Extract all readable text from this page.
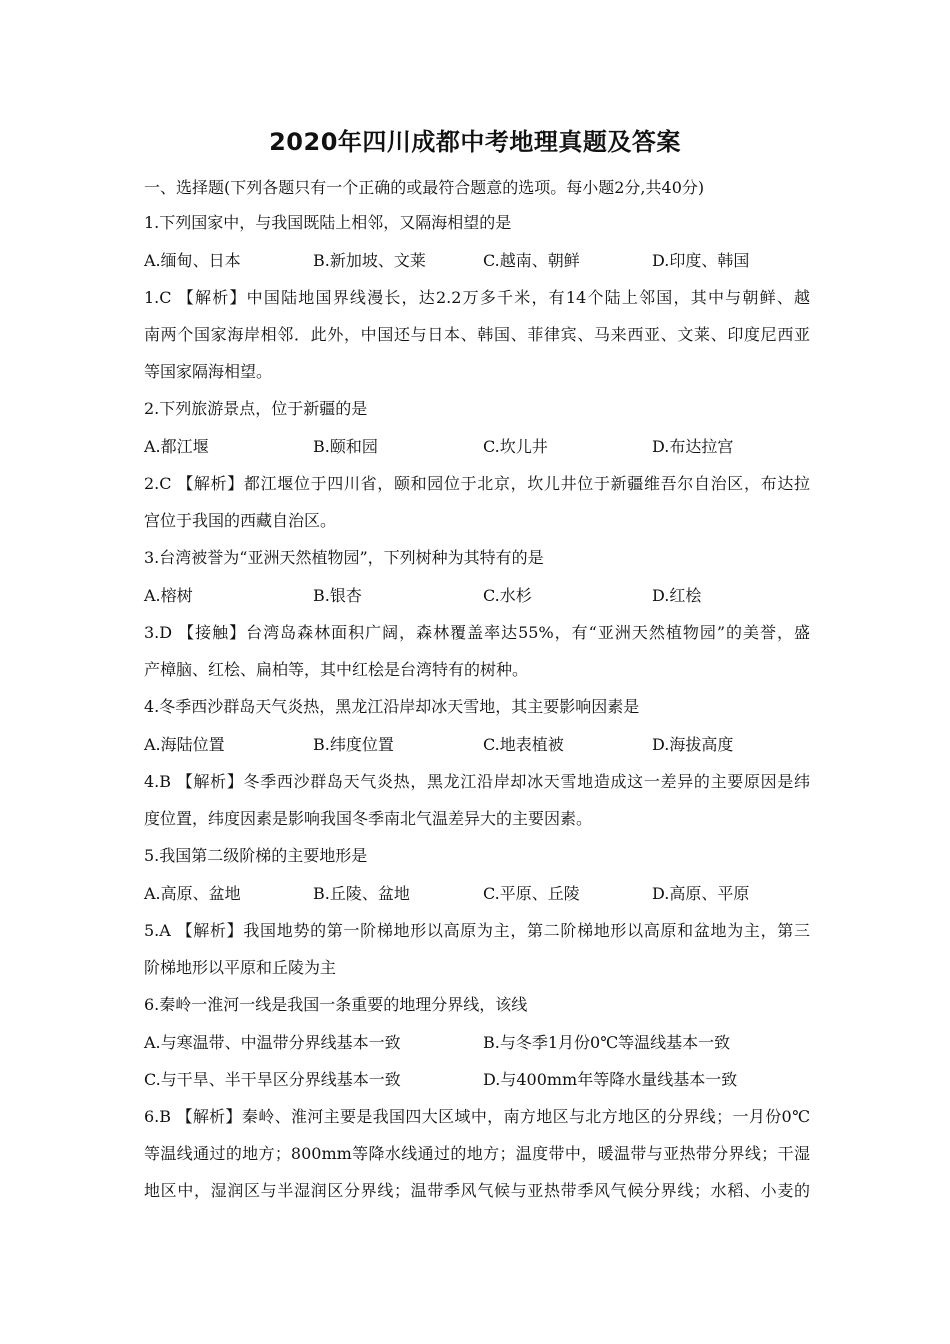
2020年四川成都中考地理真题及答案
一、选择题(下列各题只有一个正确的或最符合题意的选项。每小题2分,共40分)
1.下列国家中，与我国既陆上相邻，又隔海相望的是
A.缅甸、日本	B.新加坡、文莱	C.越南、朝鲜	D.印度、韩国
1.C 【解析】中国陆地国界线漫长，达2.2万多千米，有14个陆上邻国，其中与朝鲜、越
南两个国家海岸相邻．此外，中国还与日本、韩国、菲律宾、马来西亚、文莱、印度尼西亚
等国家隔海相望。
2.下列旅游景点，位于新疆的是
A.都江堰	B.颐和园	C.坎儿井	D.布达拉宫
2.C 【解析】都江堰位于四川省，颐和园位于北京，坎儿井位于新疆维吾尔自治区，布达拉
宫位于我国的西藏自治区。
3.台湾被誉为“亚洲天然植物园”，下列树种为其特有的是
A.榕树	B.银杏	C.水杉	D.红桧
3.D 【接触】台湾岛森林面积广阔，森林覆盖率达55%，有“亚洲天然植物园”的美誉，盛
产樟脑、红桧、扁柏等，其中红桧是台湾特有的树种。
4.冬季西沙群岛天气炎热，黑龙江沿岸却冰天雪地，其主要影响因素是
A.海陆位置	B.纬度位置	C.地表植被	D.海拔高度
4.B 【解析】冬季西沙群岛天气炎热，黑龙江沿岸却冰天雪地造成这一差异的主要原因是纬
度位置，纬度因素是影响我国冬季南北气温差异大的主要因素。
5.我国第二级阶梯的主要地形是
A.高原、盆地	B.丘陵、盆地	C.平原、丘陵	D.高原、平原
5.A 【解析】我国地势的第一阶梯地形以高原为主，第二阶梯地形以高原和盆地为主，第三
阶梯地形以平原和丘陵为主
6.秦岭一淮河一线是我国一条重要的地理分界线，该线
A.与寒温带、中温带分界线基本一致	B.与冬季1月份0℃等温线基本一致
C.与干旱、半干旱区分界线基本一致	D.与400mm年等降水量线基本一致
6.B 【解析】秦岭、淮河主要是我国四大区域中，南方地区与北方地区的分界线；一月份0℃
等温线通过的地方；800mm等降水线通过的地方；温度带中，暖温带与亚热带分界线；干湿
地区中，湿润区与半湿润区分界线；温带季风气候与亚热带季风气候分界线；水稻、小麦的
